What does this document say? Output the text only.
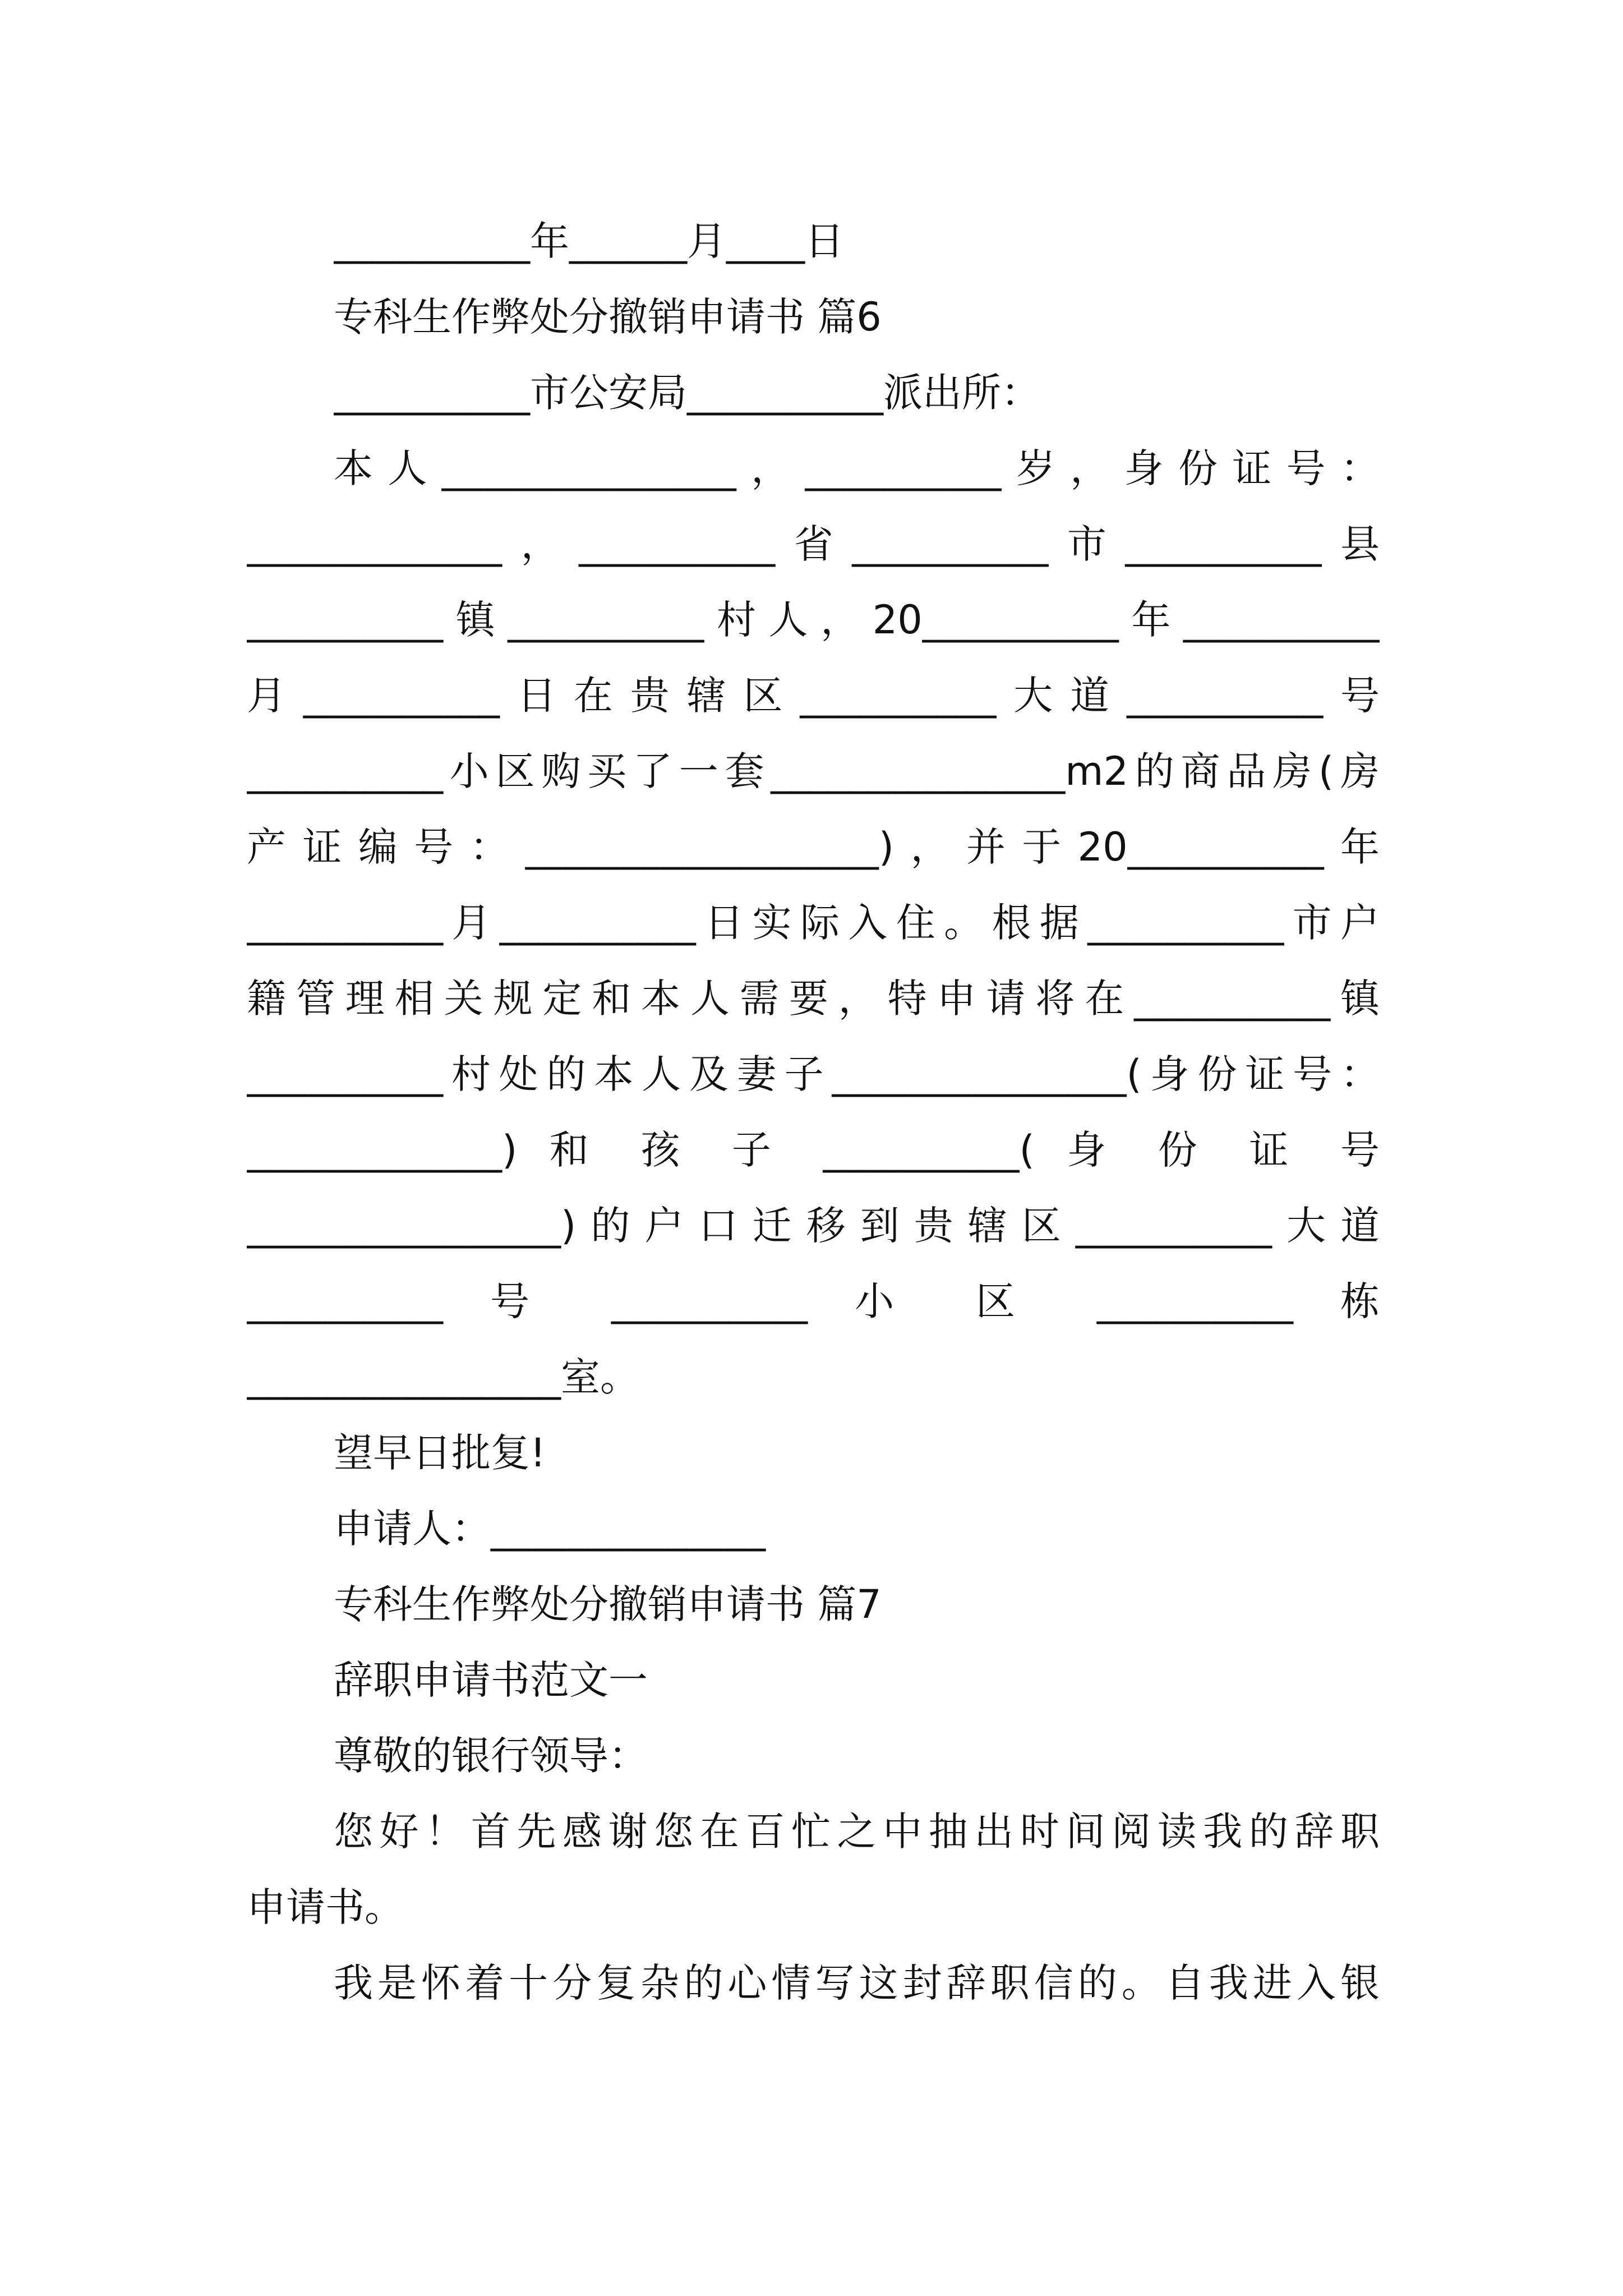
__________年______月____日
专科生作弊处分撤销申请书 篇6
__________市公安局__________派出所：
本人_______________，__________岁，身份证号：
_____________，__________省__________市__________县
__________镇__________村人，20__________年__________
月__________日在贵辖区__________大道__________号
__________小区购买了一套_______________m2的商品房(房
产证编号：__________________)，并于20__________年
__________月__________日实际入住。根据__________市户
籍管理相关规定和本人需要，特申请将在__________镇
__________村处的本人及妻子_______________(身份证号：
_____________) 和 孩 子 __________( 身 份 证 号
________________)的户口迁移到贵辖区__________大道
__________ 号 __________ 小 区 __________ 栋
________________室。
望早日批复!
申请人：______________
专科生作弊处分撤销申请书 篇7
辞职申请书范文一
尊敬的银行领导：
您好！首先感谢您在百忙之中抽出时间阅读我的辞职
申请书。
我是怀着十分复杂的心情写这封辞职信的。自我进入银
